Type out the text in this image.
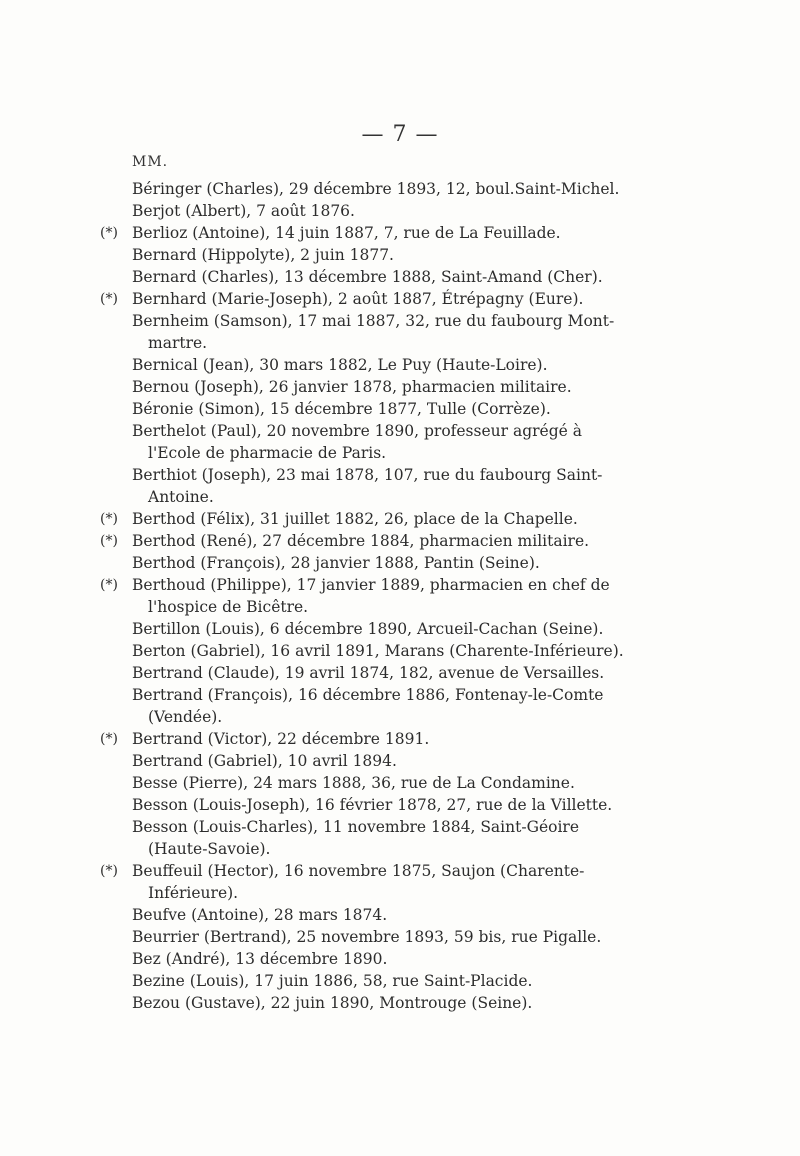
— 7 —
MM.
Béringer (Charles), 29 décembre 1893, 12, boul.Saint-Michel.
Berjot (Albert), 7 août 1876.
(*) Berlioz (Antoine), 14 juin 1887, 7, rue de La Feuillade.
Bernard (Hippolyte), 2 juin 1877.
Bernard (Charles), 13 décembre 1888, Saint-Amand (Cher).
(*) Bernhard (Marie-Joseph), 2 août 1887, Étrépagny (Eure).
Bernheim (Samson), 17 mai 1887, 32, rue du faubourg Mont-
martre.
Bernical (Jean), 30 mars 1882, Le Puy (Haute-Loire).
Bernou (Joseph), 26 janvier 1878, pharmacien militaire.
Béronie (Simon), 15 décembre 1877, Tulle (Corrèze).
Berthelot (Paul), 20 novembre 1890, professeur agrégé à
l'Ecole de pharmacie de Paris.
Berthiot (Joseph), 23 mai 1878, 107, rue du faubourg Saint-
Antoine.
(*) Berthod (Félix), 31 juillet 1882, 26, place de la Chapelle.
(*) Berthod (René), 27 décembre 1884, pharmacien militaire.
Berthod (François), 28 janvier 1888, Pantin (Seine).
(*) Berthoud (Philippe), 17 janvier 1889, pharmacien en chef de
l'hospice de Bicêtre.
Bertillon (Louis), 6 décembre 1890, Arcueil-Cachan (Seine).
Berton (Gabriel), 16 avril 1891, Marans (Charente-Inférieure).
Bertrand (Claude), 19 avril 1874, 182, avenue de Versailles.
Bertrand (François), 16 décembre 1886, Fontenay-le-Comte
(Vendée).
(*) Bertrand (Victor), 22 décembre 1891.
Bertrand (Gabriel), 10 avril 1894.
Besse (Pierre), 24 mars 1888, 36, rue de La Condamine.
Besson (Louis-Joseph), 16 février 1878, 27, rue de la Villette.
Besson (Louis-Charles), 11 novembre 1884, Saint-Géoire
(Haute-Savoie).
(*) Beuffeuil (Hector), 16 novembre 1875, Saujon (Charente-
Inférieure).
Beufve (Antoine), 28 mars 1874.
Beurrier (Bertrand), 25 novembre 1893, 59 bis, rue Pigalle.
Bez (André), 13 décembre 1890.
Bezine (Louis), 17 juin 1886, 58, rue Saint-Placide.
Bezou (Gustave), 22 juin 1890, Montrouge (Seine).
